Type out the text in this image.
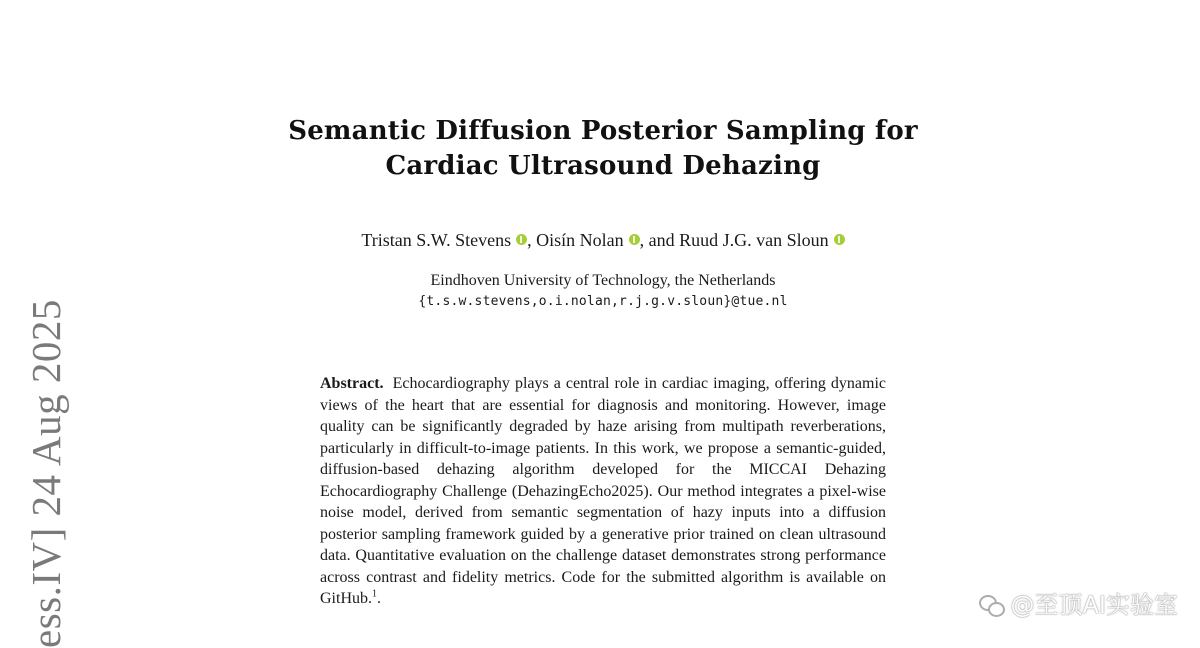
Semantic Diffusion Posterior Sampling for
Cardiac Ultrasound Dehazing
Tristan S.W. Stevens , Oisín Nolan , and Ruud J.G. van Sloun
Eindhoven University of Technology, the Netherlands
{t.s.w.stevens,o.i.nolan,r.j.g.v.sloun}@tue.nl
Abstract. Echocardiography plays a central role in cardiac imaging, offering dynamic views of the heart that are essential for diagnosis and monitoring. However, image quality can be significantly degraded by haze arising from multipath reverberations, particularly in difficult-to-image patients. In this work, we propose a semantic-guided, diffusion-based dehazing algorithm developed for the MICCAI Dehazing Echocardiography Challenge (DehazingEcho2025). Our method integrates a pixel-wise noise model, derived from semantic segmentation of hazy inputs into a diffusion posterior sampling framework guided by a generative prior trained on clean ultrasound data. Quantitative evaluation on the challenge dataset demonstrates strong performance across contrast and fidelity metrics. Code for the submitted algorithm is available on GitHub.$^1$.
ess.IV] 24 Aug 2025	@至顶AI实验室
